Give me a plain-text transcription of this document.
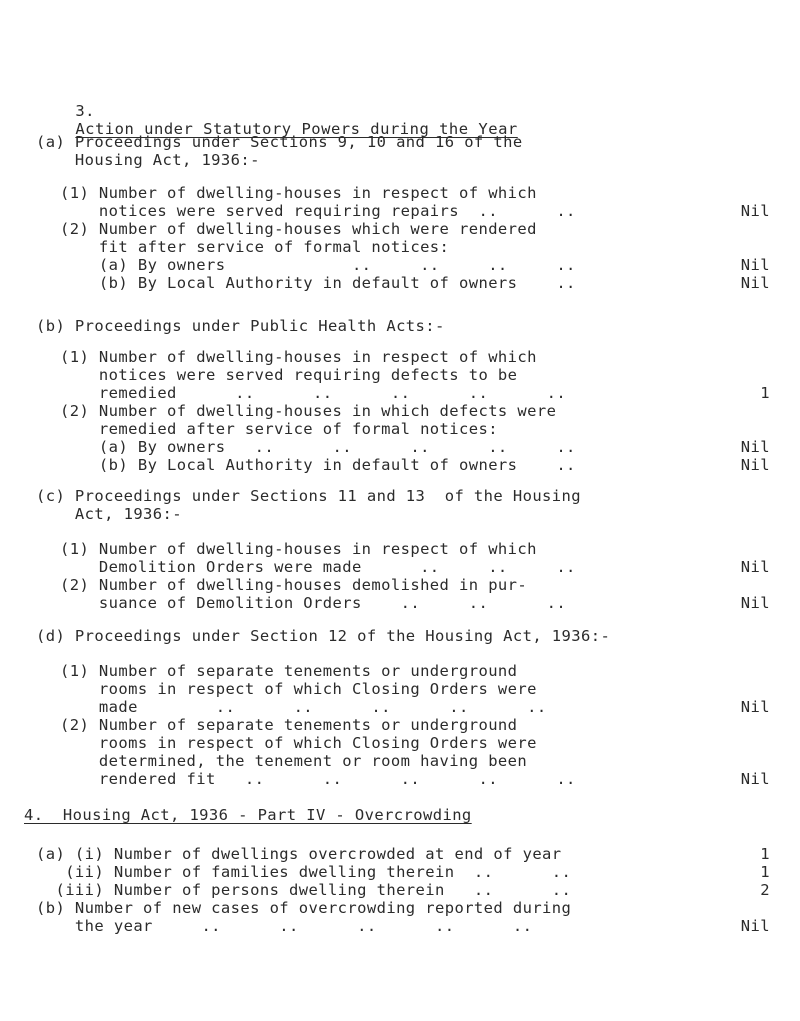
3.
Action under Statutory Powers during the Year

(a) Proceedings under Sections 9, 10 and 16 of the
Housing Act, 1936:-
(1) Number of dwelling-houses in respect of which
notices were served requiring repairs  ..      ..	Nil
(2) Number of dwelling-houses which were rendered
fit after service of formal notices:
(a) By owners             ..     ..     ..     ..	Nil
(b) By Local Authority in default of owners    ..	Nil
(b) Proceedings under Public Health Acts:-
(1) Number of dwelling-houses in respect of which
notices were served requiring defects to be
remedied      ..      ..      ..      ..      ..	1
(2) Number of dwelling-houses in which defects were
remedied after service of formal notices:
(a) By owners   ..      ..      ..      ..     ..	Nil
(b) By Local Authority in default of owners    ..	Nil
(c) Proceedings under Sections 11 and 13  of the Housing
Act, 1936:-
(1) Number of dwelling-houses in respect of which
Demolition Orders were made      ..     ..     ..	Nil
(2) Number of dwelling-houses demolished in pur-
suance of Demolition Orders    ..     ..      ..	Nil
(d) Proceedings under Section 12 of the Housing Act, 1936:-
(1) Number of separate tenements or underground
rooms in respect of which Closing Orders were
made        ..      ..      ..      ..      ..	Nil
(2) Number of separate tenements or underground
rooms in respect of which Closing Orders were
determined, the tenement or room having been
rendered fit   ..      ..      ..      ..      ..	Nil
4.  Housing Act, 1936 - Part IV - Overcrowding
(a) (i) Number of dwellings overcrowded at end of year	1
(ii) Number of families dwelling therein  ..      ..	1
(iii) Number of persons dwelling therein   ..      ..	2
(b) Number of new cases of overcrowding reported during
the year     ..      ..      ..      ..      ..	Nil
